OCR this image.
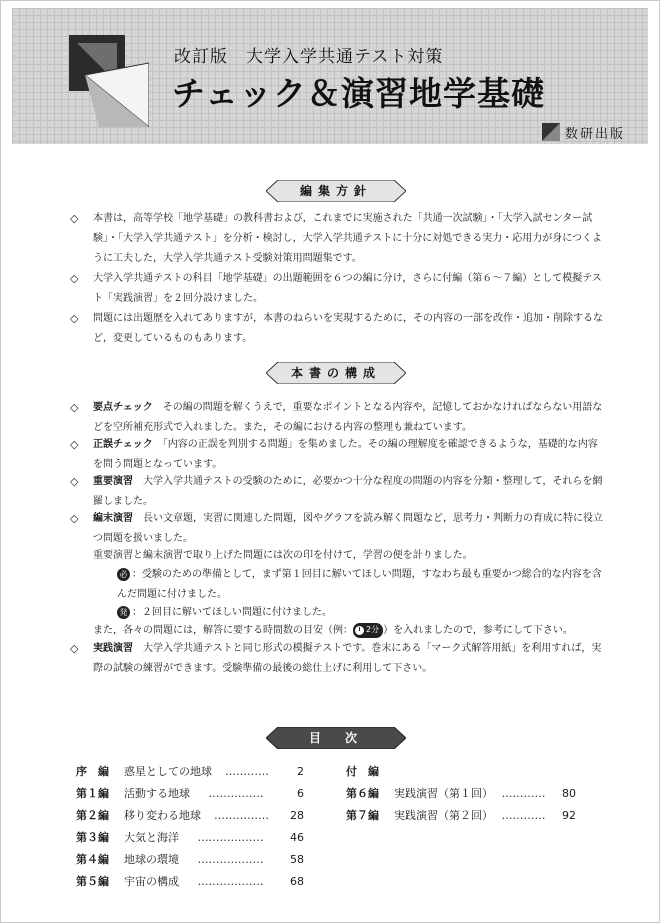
改訂版　大学入学共通テスト対策
チェック＆演習地学基礎
数研出版
編集方針
◇	本書は，高等学校「地学基礎」の教科書および，これまでに実施された「共通一次試験」・「大学入試センター試験」・「大学入学共通テスト」を分析・検討し，大学入学共通テストに十分に対処できる実力・応用力が身につくように工夫した，大学入学共通テスト受験対策用問題集です。
◇	大学入学共通テストの科目「地学基礎」の出題範囲を６つの編に分け，さらに付編（第６～７編）として模擬テスト「実践演習」を２回分設けました。
◇	問題には出題歴を入れてありますが，本書のねらいを実現するために，その内容の一部を改作・追加・削除するなど，変更しているものもあります。
本書の構成
◇	要点チェック　 その編の問題を解くうえで，重要なポイントとなる内容や，記憶しておかなければならない用語などを空所補充形式で入れました。また，その編における内容の整理も兼ねています。
◇	正誤チェック　 「内容の正誤を判別する問題」を集めました。その編の理解度を確認できるような，基礎的な内容を問う問題となっています。
◇	重要演習　 大学入学共通テストの受験のために，必要かつ十分な程度の問題の内容を分類・整理して，それらを網羅しました。
◇	編末演習　 長い文章題，実習に関連した問題，図やグラフを読み解く問題など，思考力・判断力の育成に特に役立つ問題を扱いました。
重要演習と編末演習で取り上げた問題には次の印を付けて，学習の便を計りました。
必 ：受験のための準備として，まず第１回目に解いてほしい問題，すなわち最も重要かつ総合的な内容を含んだ問題に付けました。
発 ：２回目に解いてほしい問題に付けました。
また，各々の問題には，解答に要する時間数の目安（例： 2分 ）を入れましたので，参考にして下さい。
◇	実践演習　 大学入学共通テストと同じ形式の模擬テストです。巻末にある「マーク式解答用紙」を利用すれば，実際の試験の練習ができます。受験準備の最後の総仕上げに利用して下さい。
目　次
序　編	惑星としての地球	…………	2
第１編	活動する地球	……………	6
第２編	移り変わる地球	……………	28
第３編	大気と海洋	………………	46
第４編	地球の環境	………………	58
第５編	宇宙の構成	………………	68
付　編
第６編	実践演習（第１回） …………	80
第７編	実践演習（第２回） …………	92
